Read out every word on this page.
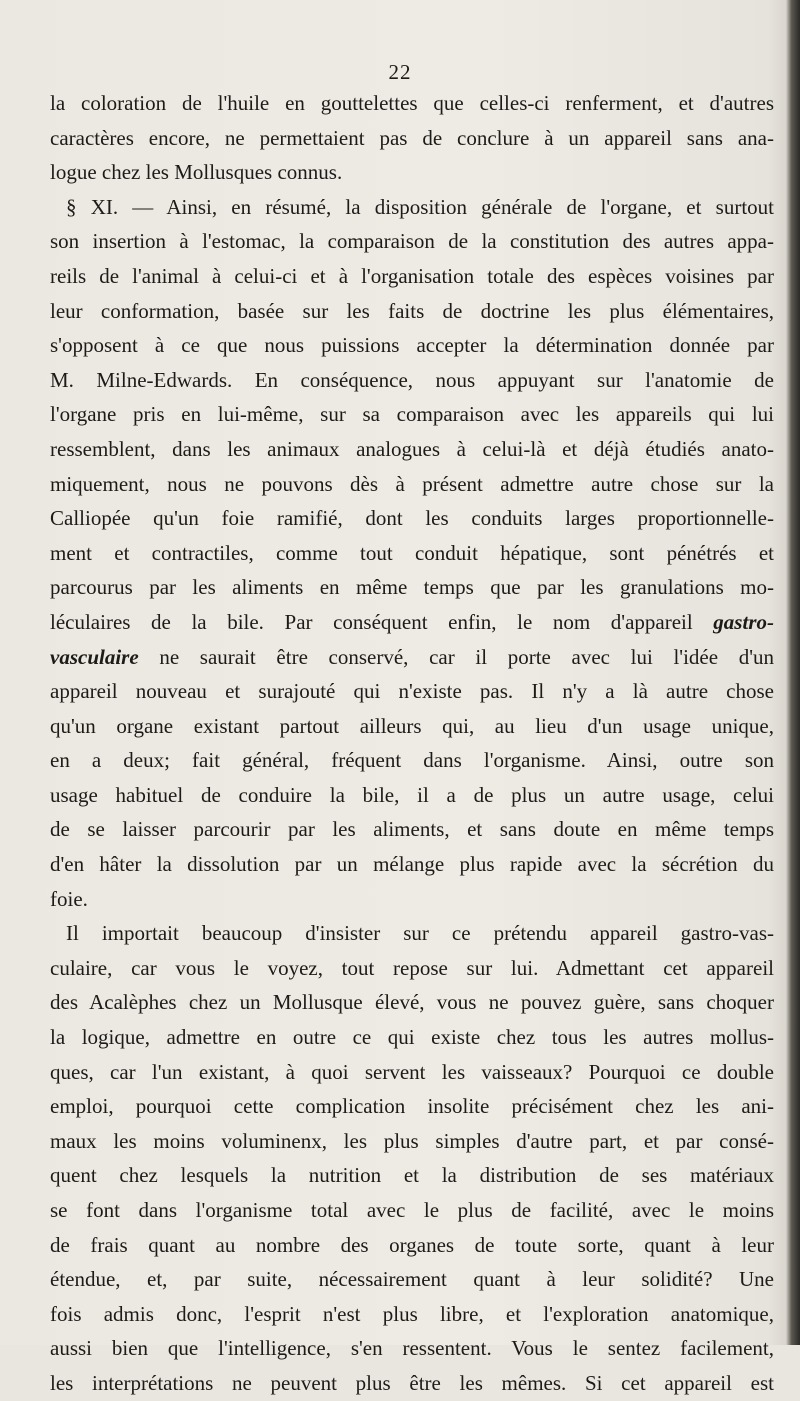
22
la coloration de l'huile en gouttelettes que celles-ci renferment, et d'autres
caractères encore, ne permettaient pas de conclure à un appareil sans ana-
logue chez les Mollusques connus.
§ XI. — Ainsi, en résumé, la disposition générale de l'organe, et surtout
son insertion à l'estomac, la comparaison de la constitution des autres appa-
reils de l'animal à celui-ci et à l'organisation totale des espèces voisines par
leur conformation, basée sur les faits de doctrine les plus élémentaires,
s'opposent à ce que nous puissions accepter la détermination donnée par
M. Milne-Edwards. En conséquence, nous appuyant sur l'anatomie de
l'organe pris en lui-même, sur sa comparaison avec les appareils qui lui
ressemblent, dans les animaux analogues à celui-là et déjà étudiés anato-
miquement, nous ne pouvons dès à présent admettre autre chose sur la
Calliopée qu'un foie ramifié, dont les conduits larges proportionnelle-
ment et contractiles, comme tout conduit hépatique, sont pénétrés et
parcourus par les aliments en même temps que par les granulations mo-
léculaires de la bile. Par conséquent enfin, le nom d'appareil gastro-
vasculaire ne saurait être conservé, car il porte avec lui l'idée d'un
appareil nouveau et surajouté qui n'existe pas. Il n'y a là autre chose
qu'un organe existant partout ailleurs qui, au lieu d'un usage unique,
en a deux; fait général, fréquent dans l'organisme. Ainsi, outre son
usage habituel de conduire la bile, il a de plus un autre usage, celui
de se laisser parcourir par les aliments, et sans doute en même temps
d'en hâter la dissolution par un mélange plus rapide avec la sécrétion du
foie.
Il importait beaucoup d'insister sur ce prétendu appareil gastro-vas-
culaire, car vous le voyez, tout repose sur lui. Admettant cet appareil
des Acalèphes chez un Mollusque élevé, vous ne pouvez guère, sans choquer
la logique, admettre en outre ce qui existe chez tous les autres mollus-
ques, car l'un existant, à quoi servent les vaisseaux? Pourquoi ce double
emploi, pourquoi cette complication insolite précisément chez les ani-
maux les moins voluminenx, les plus simples d'autre part, et par consé-
quent chez lesquels la nutrition et la distribution de ses matériaux
se font dans l'organisme total avec le plus de facilité, avec le moins
de frais quant au nombre des organes de toute sorte, quant à leur
étendue, et, par suite, nécessairement quant à leur solidité? Une
fois admis donc, l'esprit n'est plus libre, et l'exploration anatomique,
aussi bien que l'intelligence, s'en ressentent. Vous le sentez facilement,
les interprétations ne peuvent plus être les mêmes. Si cet appareil est
